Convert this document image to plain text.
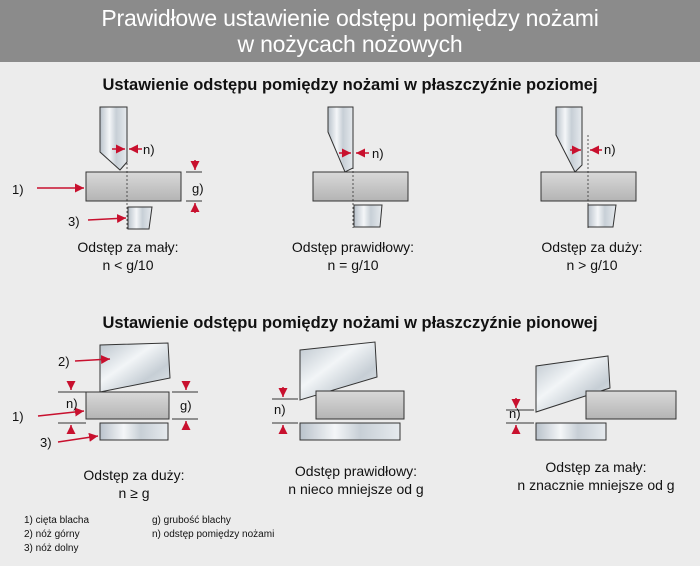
Prawidłowe ustawienie odstępu pomiędzy nożami
w nożycach nożowych
Ustawienie odstępu pomiędzy nożami w płaszczyźnie poziomej
Ustawienie odstępu pomiędzy nożami w płaszczyźnie pionowej
1)
3)
n)
g)
n)	n)
2)
1)
n)
3)
g)	n)	n)
Odstęp za mały:
n < g/10
Odstęp prawidłowy:
n = g/10
Odstęp za duży:
n > g/10
Odstęp za duży:
n ≥ g
Odstęp prawidłowy:
n nieco mniejsze od g
Odstęp za mały:
n znacznie mniejsze od g
1) cięta blacha
2) nóż górny
3) nóż dolny
g) grubość blachy
n) odstęp pomiędzy nożami
